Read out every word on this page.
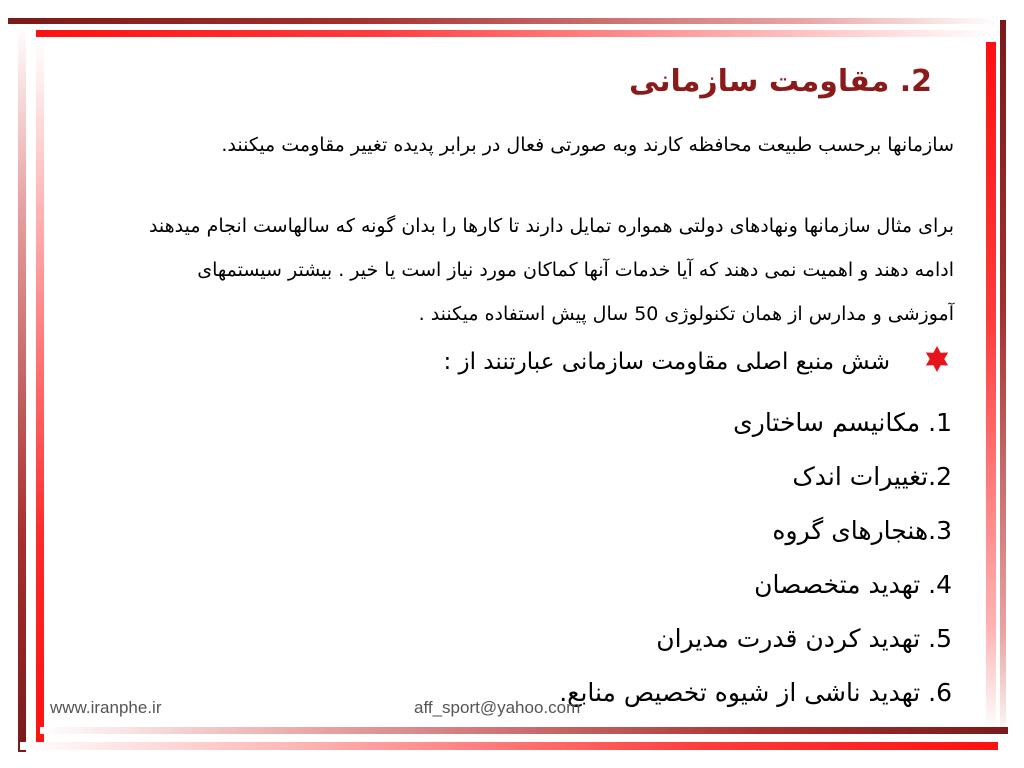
2. مقاومت سازمانی
سازمانها برحسب طبیعت محافظه کارند وبه صورتی فعال در برابر پدیده تغییر مقاومت میکنند.
برای مثال سازمانها ونهادهای دولتی همواره تمایل دارند تا کارها را بدان گونه که سالهاست انجام میدهند ادامه دهند و اهمیت نمی دهند که آیا خدمات آنها کماکان مورد نیاز است یا خیر . بیشتر سیستمهای آموزشی و مدارس از همان تکنولوژی 50 سال پیش استفاده میکنند .
شش منبع اصلی مقاومت سازمانی عبارتنند از :
1. مکانیسم ساختاری
2.تغییرات اندک
3.هنجارهای گروه
4. تهدید متخصصان
5. تهدید کردن قدرت مدیران
6. تهدید ناشی از شیوه تخصیص منابع.
www.iranphe.ir	aff_sport@yahoo.com
